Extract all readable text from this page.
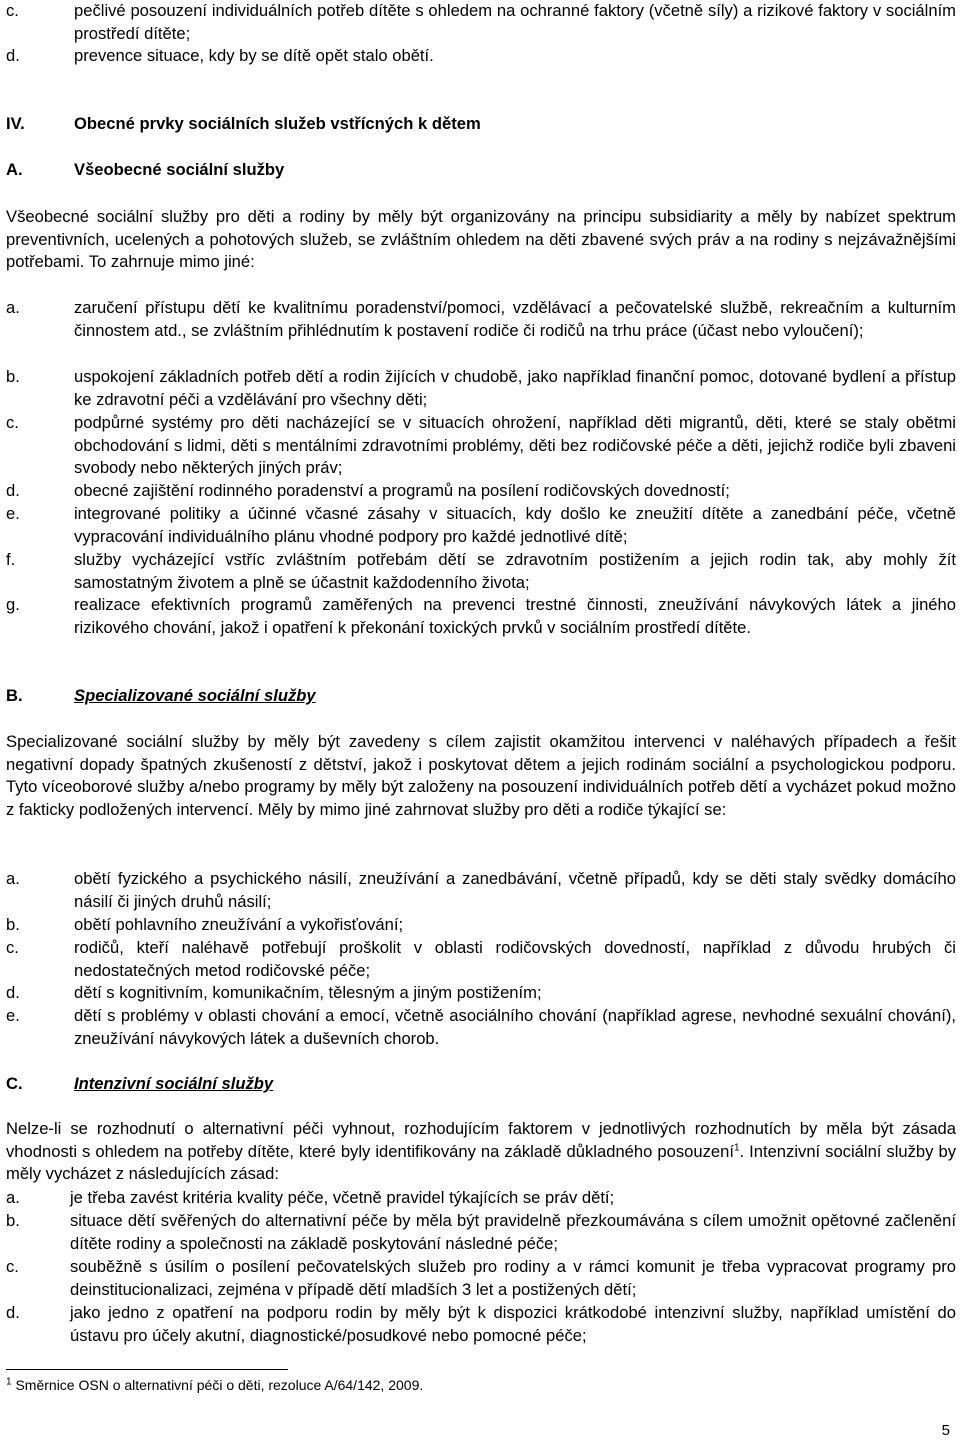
c.	pečlivé posouzení individuálních potřeb dítěte s ohledem na ochranné faktory (včetně síly) a rizikové faktory v sociálním prostředí dítěte;
d.	prevence situace, kdy by se dítě opět stalo obětí.
IV.	Obecné prvky sociálních služeb vstřícných k dětem
A.	Všeobecné sociální služby
Všeobecné sociální služby pro děti a rodiny by měly být organizovány na principu subsidiarity a měly by nabízet spektrum preventivních, ucelených a pohotových služeb, se zvláštním ohledem na děti zbavené svých práv a na rodiny s nejzávažnějšími potřebami. To zahrnuje mimo jiné:
a.	zaručení přístupu dětí ke kvalitnímu poradenství/pomoci, vzdělávací a pečovatelské službě, rekreačním a kulturním činnostem atd., se zvláštním přihlédnutím k postavení rodiče či rodičů na trhu práce (účast nebo vyloučení);
b.	uspokojení základních potřeb dětí a rodin žijících v chudobě, jako například finanční pomoc, dotované bydlení a přístup ke zdravotní péči a vzdělávání pro všechny děti;
c.	podpůrné systémy pro děti nacházející se v situacích ohrožení, například děti migrantů, děti, které se staly obětmi obchodování s lidmi, děti s mentálními zdravotními problémy, děti bez rodičovské péče a děti, jejichž rodiče byli zbaveni svobody nebo některých jiných práv;
d.	obecné zajištění rodinného poradenství a programů na posílení rodičovských dovedností;
e.	integrované politiky a účinné včasné zásahy v situacích, kdy došlo ke zneužití dítěte a zanedbání péče, včetně vypracování individuálního plánu vhodné podpory pro každé jednotlivé dítě;
f.	služby vycházející vstříc zvláštním potřebám dětí se zdravotním postižením a jejich rodin tak, aby mohly žít samostatným životem a plně se účastnit každodenního života;
g.	realizace efektivních programů zaměřených na prevenci trestné činnosti, zneužívání návykových látek a jiného rizikového chování, jakož i opatření k překonání toxických prvků v sociálním prostředí dítěte.
B.	Specializované sociální služby
Specializované sociální služby by měly být zavedeny s cílem zajistit okamžitou intervenci v naléhavých případech a řešit negativní dopady špatných zkušeností z dětství, jakož i poskytovat dětem a jejich rodinám sociální a psychologickou podporu. Tyto víceoborové služby a/nebo programy by měly být založeny na posouzení individuálních potřeb dětí a vycházet pokud možno z fakticky podložených intervencí. Měly by mimo jiné zahrnovat služby pro děti a rodiče týkající se:
a.	obětí fyzického a psychického násilí, zneužívání a zanedbávání, včetně případů, kdy se děti staly svědky domácího násilí či jiných druhů násilí;
b.	obětí pohlavního zneužívání a vykořisťování;
c.	rodičů, kteří naléhavě potřebují proškolit v oblasti rodičovských dovedností, například z důvodu hrubých či nedostatečných metod rodičovské péče;
d.	dětí s kognitivním, komunikačním, tělesným a jiným postižením;
e.	dětí s problémy v oblasti chování a emocí, včetně asociálního chování (například agrese, nevhodné sexuální chování), zneužívání návykových látek a duševních chorob.
C.	Intenzivní sociální služby
Nelze-li se rozhodnutí o alternativní péči vyhnout, rozhodujícím faktorem v jednotlivých rozhodnutích by měla být zásada vhodnosti s ohledem na potřeby dítěte, které byly identifikovány na základě důkladného posouzení$^1$. Intenzivní sociální služby by měly vycházet z následujících zásad:
a.	je třeba zavést kritéria kvality péče, včetně pravidel týkajících se práv dětí;
b.	situace dětí svěřených do alternativní péče by měla být pravidelně přezkoumávána s cílem umožnit opětovné začlenění dítěte rodiny a společnosti na základě poskytování následné péče;
c.	souběžně s úsilím o posílení pečovatelských služeb pro rodiny a v rámci komunit je třeba vypracovat programy pro deinstitucionalizaci, zejména v případě dětí mladších 3 let a postižených dětí;
d.	jako jedno z opatření na podporu rodin by měly být k dispozici krátkodobé intenzivní služby, například umístění do ústavu pro účely akutní, diagnostické/posudkové nebo pomocné péče;
$^1$ Směrnice OSN o alternativní péči o děti, rezoluce A/64/142, 2009.
5
